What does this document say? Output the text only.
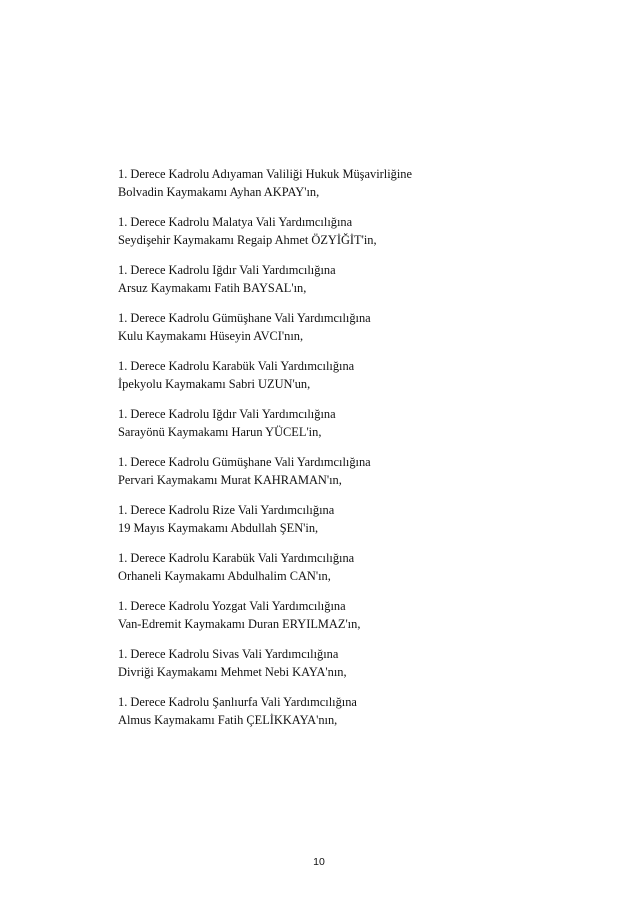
1. Derece Kadrolu Adıyaman Valiliği Hukuk Müşavirliğine
Bolvadin Kaymakamı Ayhan AKPAY'ın,
1. Derece Kadrolu Malatya Vali Yardımcılığına
Seydişehir Kaymakamı Regaip Ahmet ÖZYİĞİT'in,
1. Derece Kadrolu Iğdır Vali Yardımcılığına
Arsuz Kaymakamı Fatih BAYSAL'ın,
1. Derece Kadrolu Gümüşhane Vali Yardımcılığına
Kulu Kaymakamı Hüseyin AVCI'nın,
1. Derece Kadrolu Karabük Vali Yardımcılığına
İpekyolu Kaymakamı Sabri UZUN'un,
1. Derece Kadrolu Iğdır Vali Yardımcılığına
Sarayönü Kaymakamı Harun YÜCEL'in,
1. Derece Kadrolu Gümüşhane Vali Yardımcılığına
Pervari Kaymakamı Murat KAHRAMAN'ın,
1. Derece Kadrolu Rize Vali Yardımcılığına
19 Mayıs Kaymakamı Abdullah ŞEN'in,
1. Derece Kadrolu Karabük Vali Yardımcılığına
Orhaneli Kaymakamı Abdulhalim CAN'ın,
1. Derece Kadrolu Yozgat Vali Yardımcılığına
Van-Edremit Kaymakamı Duran ERYILMAZ'ın,
1. Derece Kadrolu Sivas Vali Yardımcılığına
Divriği Kaymakamı Mehmet Nebi KAYA'nın,
1. Derece Kadrolu Şanlıurfa Vali Yardımcılığına
Almus Kaymakamı Fatih ÇELİKKAYA'nın,
10
